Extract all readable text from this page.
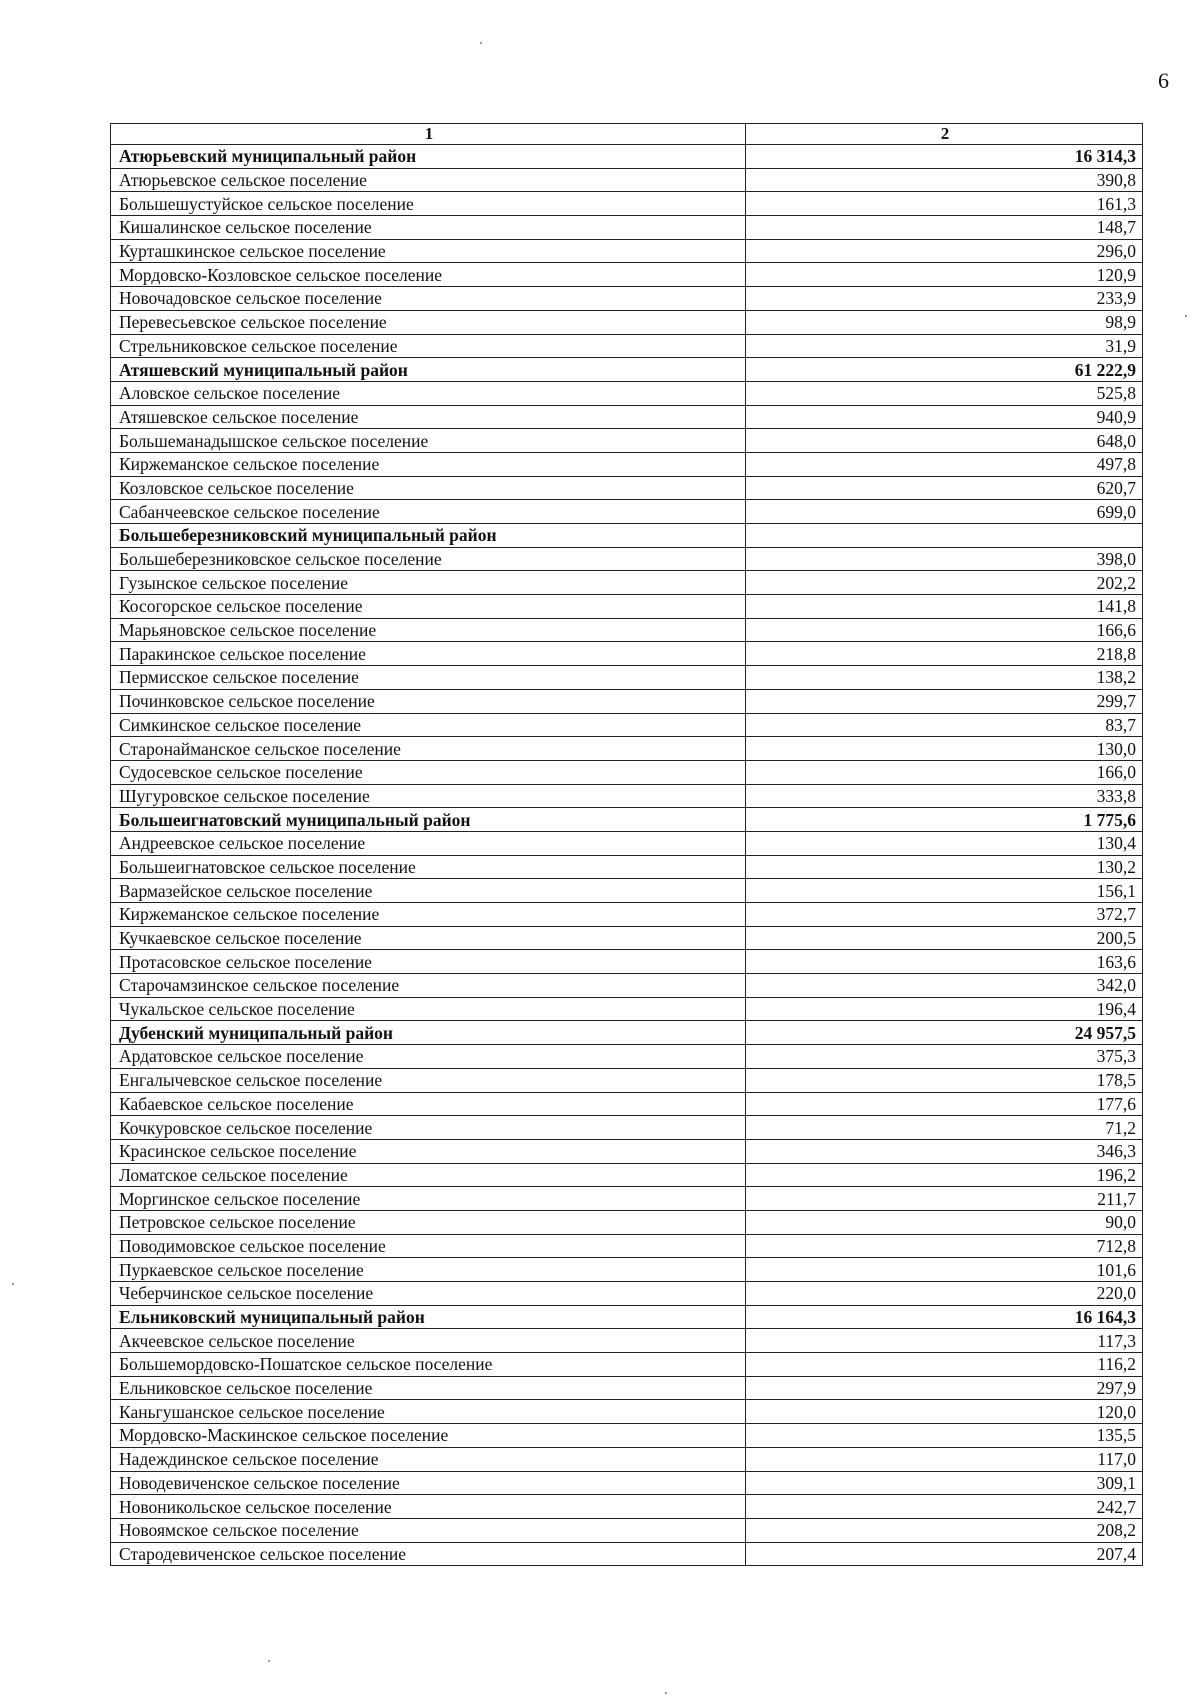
6
1	2
Атюрьевский муниципальный район	16 314,3
Атюрьевское сельское поселение	390,8
Большешустуйское сельское поселение	161,3
Кишалинское сельское поселение	148,7
Курташкинское сельское поселение	296,0
Мордовско-Козловское сельское поселение	120,9
Новочадовское сельское поселение	233,9
Перевесьевское сельское поселение	98,9
Стрельниковское сельское поселение	31,9
Атяшевский муниципальный район	61 222,9
Аловское сельское поселение	525,8
Атяшевское сельское поселение	940,9
Большеманадышское сельское поселение	648,0
Киржеманское сельское поселение	497,8
Козловское сельское поселение	620,7
Сабанчеевское сельское поселение	699,0
Большеберезниковский муниципальный район	
Большеберезниковское сельское поселение	398,0
Гузынское сельское поселение	202,2
Косогорское сельское поселение	141,8
Марьяновское сельское поселение	166,6
Паракинское сельское поселение	218,8
Пермисское сельское поселение	138,2
Починковское сельское поселение	299,7
Симкинское сельское поселение	83,7
Старонайманское сельское поселение	130,0
Судосевское сельское поселение	166,0
Шугуровское сельское поселение	333,8
Большеигнатовский муниципальный район	1 775,6
Андреевское сельское поселение	130,4
Большеигнатовское сельское поселение	130,2
Вармазейское сельское поселение	156,1
Киржеманское сельское поселение	372,7
Кучкаевское сельское поселение	200,5
Протасовское сельское поселение	163,6
Старочамзинское сельское поселение	342,0
Чукальское сельское поселение	196,4
Дубенский муниципальный район	24 957,5
Ардатовское сельское поселение	375,3
Енгалычевское сельское поселение	178,5
Кабаевское сельское поселение	177,6
Кочкуровское сельское поселение	71,2
Красинское сельское поселение	346,3
Ломатское сельское поселение	196,2
Моргинское сельское поселение	211,7
Петровское сельское поселение	90,0
Поводимовское сельское поселение	712,8
Пуркаевское сельское поселение	101,6
Чеберчинское сельское поселение	220,0
Ельниковский муниципальный район	16 164,3
Акчеевское сельское поселение	117,3
Большемордовско-Пошатское сельское поселение	116,2
Ельниковское сельское поселение	297,9
Каньгушанское сельское поселение	120,0
Мордовско-Маскинское сельское поселение	135,5
Надеждинское сельское поселение	117,0
Новодевиченское сельское поселение	309,1
Новоникольское сельское поселение	242,7
Новоямское сельское поселение	208,2
Стародевиченское сельское поселение	207,4
